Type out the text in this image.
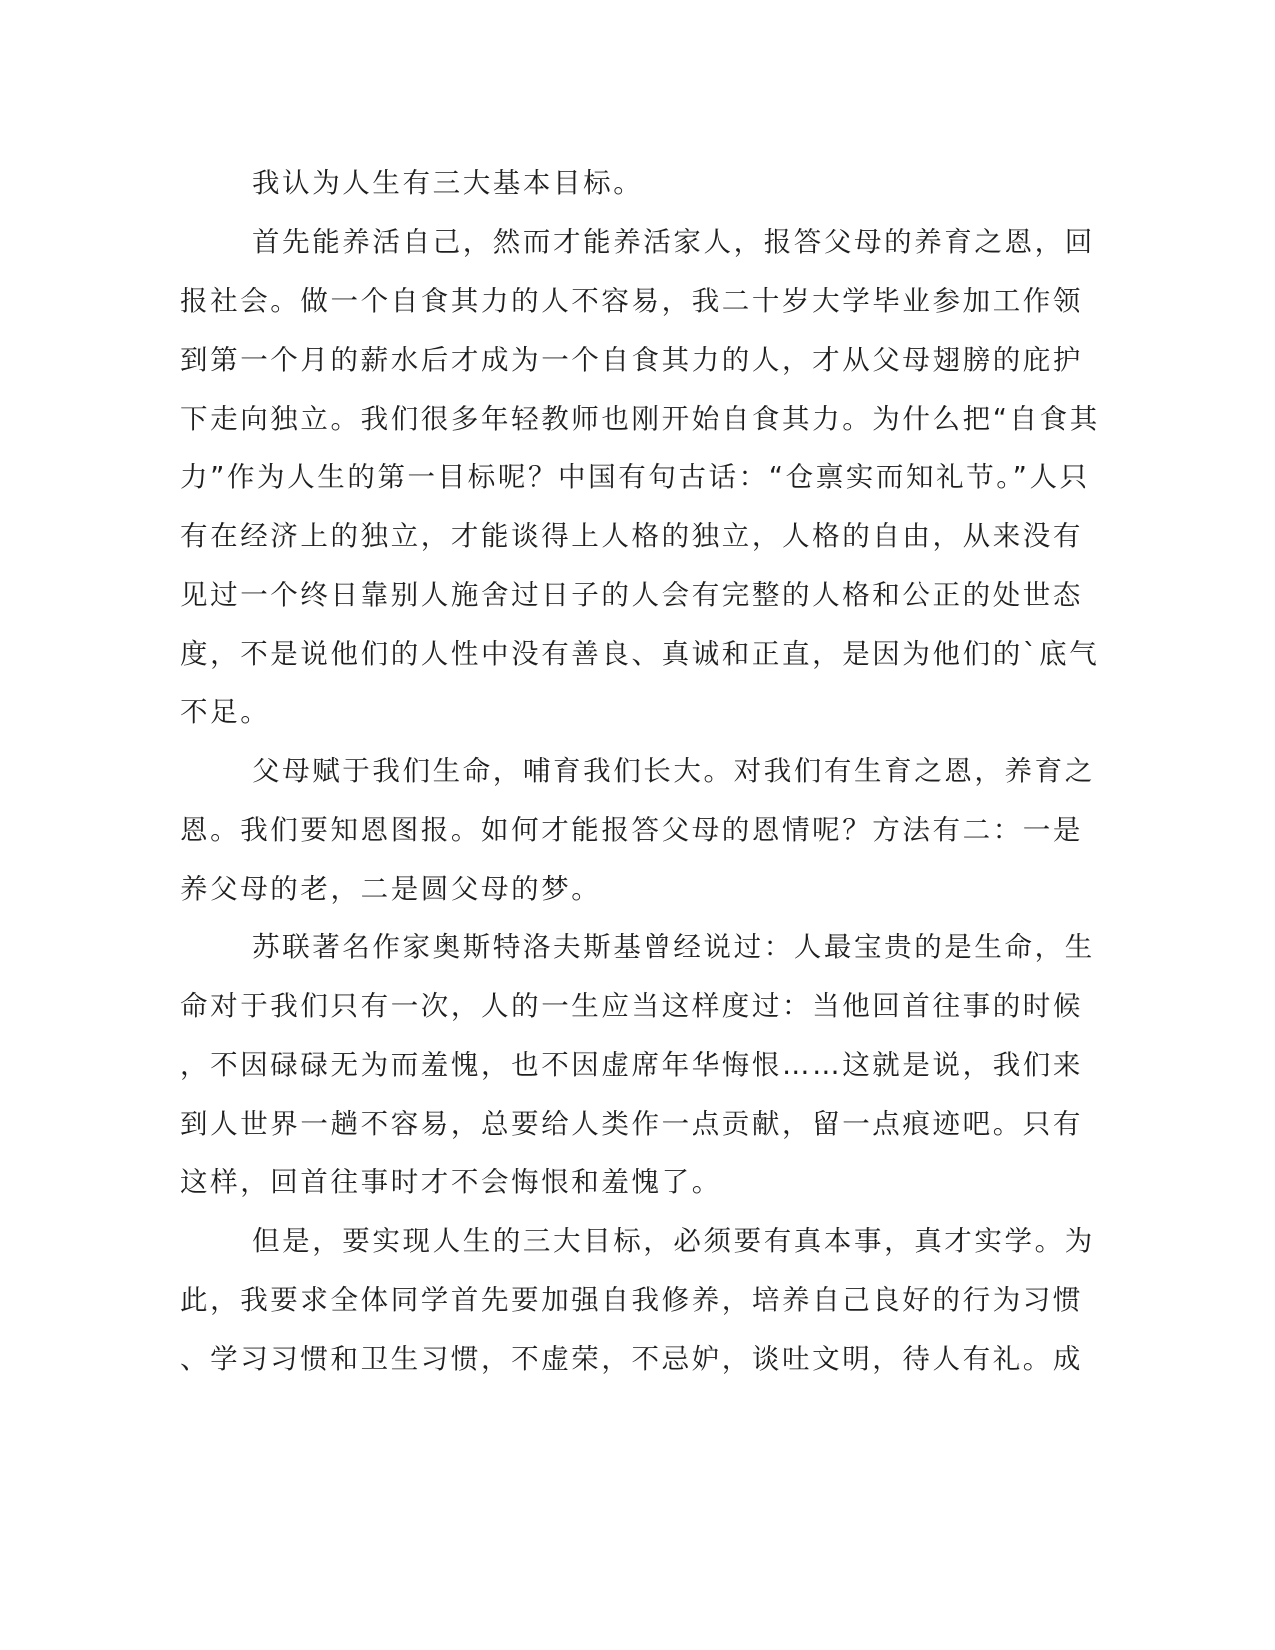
我认为人生有三大基本目标。
首先能养活自己，然而才能养活家人，报答父母的养育之恩，回
报社会。做一个自食其力的人不容易，我二十岁大学毕业参加工作领
到第一个月的薪水后才成为一个自食其力的人，才从父母翅膀的庇护
下走向独立。我们很多年轻教师也刚开始自食其力。为什么把“自食其
力”作为人生的第一目标呢？中国有句古话：“仓禀实而知礼节。”人只
有在经济上的独立，才能谈得上人格的独立，人格的自由，从来没有
见过一个终日靠别人施舍过日子的人会有完整的人格和公正的处世态
度，不是说他们的人性中没有善良、真诚和正直，是因为他们的`底气
不足。
父母赋于我们生命，哺育我们长大。对我们有生育之恩，养育之
恩。我们要知恩图报。如何才能报答父母的恩情呢？方法有二：一是
养父母的老，二是圆父母的梦。
苏联著名作家奥斯特洛夫斯基曾经说过：人最宝贵的是生命，生
命对于我们只有一次，人的一生应当这样度过：当他回首往事的时候
，不因碌碌无为而羞愧，也不因虚席年华悔恨……这就是说，我们来
到人世界一趟不容易，总要给人类作一点贡献，留一点痕迹吧。只有
这样，回首往事时才不会悔恨和羞愧了。
但是，要实现人生的三大目标，必须要有真本事，真才实学。为
此，我要求全体同学首先要加强自我修养，培养自己良好的行为习惯
、学习习惯和卫生习惯，不虚荣，不忌妒，谈吐文明，待人有礼。成
